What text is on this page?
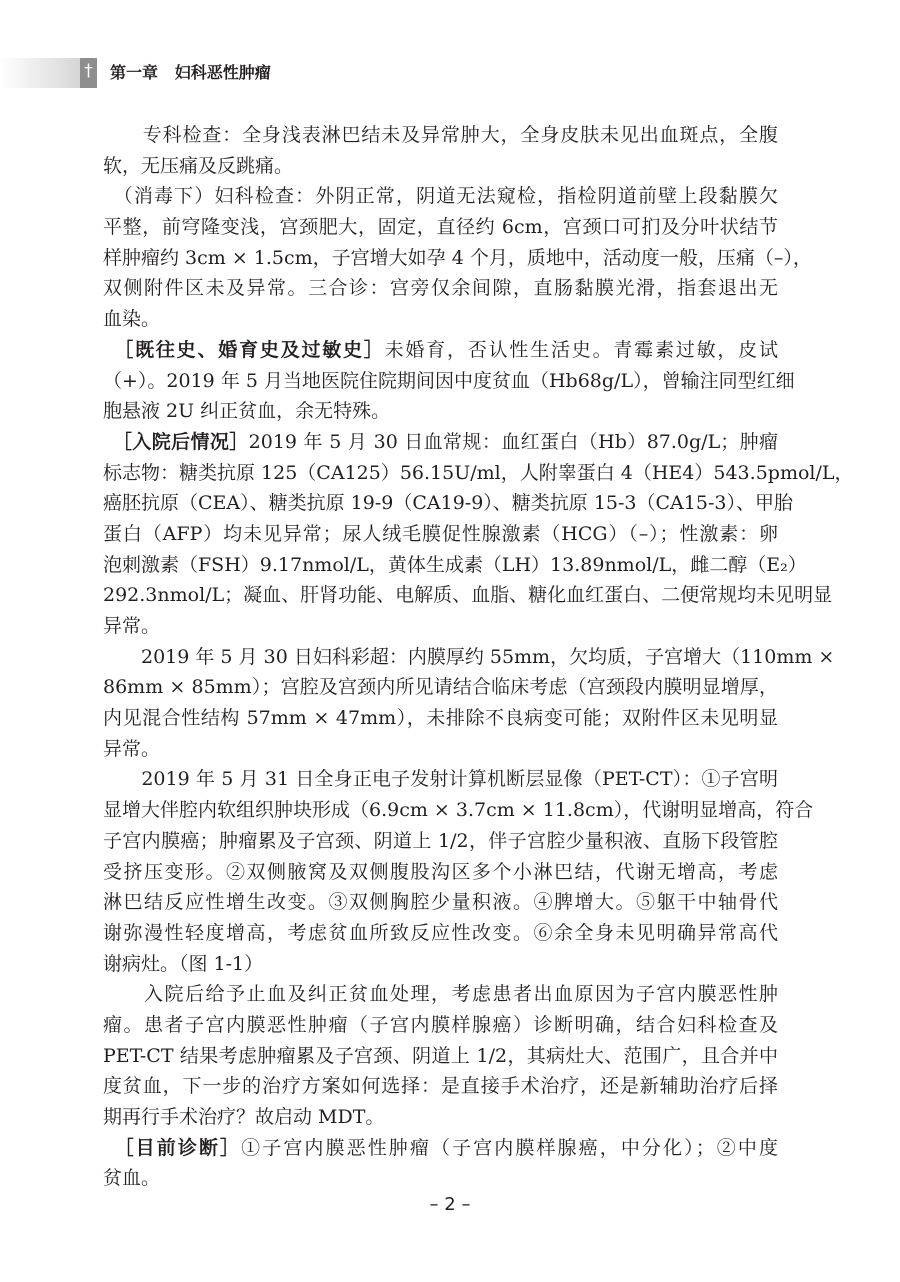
† 第一章   妇科恶性肿瘤
　　专科检查：全身浅表淋巴结未及异常肿大，全身皮肤未见出血斑点，全腹
软，无压痛及反跳痛。
　（消毒下）妇科检查：外阴正常，阴道无法窥检，指检阴道前壁上段黏膜欠
平整，前穹隆变浅，宫颈肥大，固定，直径约 6cm，宫颈口可扪及分叶状结节
样肿瘤约 3cm × 1.5cm，子宫增大如孕 4 个月，质地中，活动度一般，压痛（–），
双侧附件区未及异常。三合诊：宫旁仅余间隙，直肠黏膜光滑，指套退出无
血染。
　［既往史、婚育史及过敏史］未婚育，否认性生活史。青霉素过敏，皮试
（+）。2019 年 5 月当地医院住院期间因中度贫血（Hb68g/L），曾输注同型红细
胞悬液 2U 纠正贫血，余无特殊。
　［入院后情况］2019 年 5 月 30 日血常规：血红蛋白（Hb）87.0g/L；肿瘤
标志物：糖类抗原 125（CA125）56.15U/ml，人附睾蛋白 4（HE4）543.5pmol/L，
癌胚抗原（CEA）、糖类抗原 19-9（CA19-9）、糖类抗原 15-3（CA15-3）、甲胎
蛋白（AFP）均未见异常；尿人绒毛膜促性腺激素（HCG）（–）；性激素：卵
泡刺激素（FSH）9.17nmol/L，黄体生成素（LH）13.89nmol/L，雌二醇（E₂）
292.3nmol/L；凝血、肝肾功能、电解质、血脂、糖化血红蛋白、二便常规均未见明显
异常。
　　2019 年 5 月 30 日妇科彩超：内膜厚约 55mm，欠均质，子宫增大（110mm ×
86mm × 85mm）；宫腔及宫颈内所见请结合临床考虑（宫颈段内膜明显增厚，
内见混合性结构 57mm × 47mm），未排除不良病变可能；双附件区未见明显
异常。
　　2019 年 5 月 31 日全身正电子发射计算机断层显像（PET-CT）：①子宫明
显增大伴腔内软组织肿块形成（6.9cm × 3.7cm × 11.8cm），代谢明显增高，符合
子宫内膜癌；肿瘤累及子宫颈、阴道上 1/2，伴子宫腔少量积液、直肠下段管腔
受挤压变形。②双侧腋窝及双侧腹股沟区多个小淋巴结，代谢无增高，考虑
淋巴结反应性增生改变。③双侧胸腔少量积液。④脾增大。⑤躯干中轴骨代
谢弥漫性轻度增高，考虑贫血所致反应性改变。⑥余全身未见明确异常高代
谢病灶。（图 1-1）
　　入院后给予止血及纠正贫血处理，考虑患者出血原因为子宫内膜恶性肿
瘤。患者子宫内膜恶性肿瘤（子宫内膜样腺癌）诊断明确，结合妇科检查及
PET-CT 结果考虑肿瘤累及子宫颈、阴道上 1/2，其病灶大、范围广，且合并中
度贫血，下一步的治疗方案如何选择：是直接手术治疗，还是新辅助治疗后择
期再行手术治疗？故启动 MDT。
　［目前诊断］①子宫内膜恶性肿瘤（子宫内膜样腺癌，中分化）；②中度
贫血。
– 2 –
